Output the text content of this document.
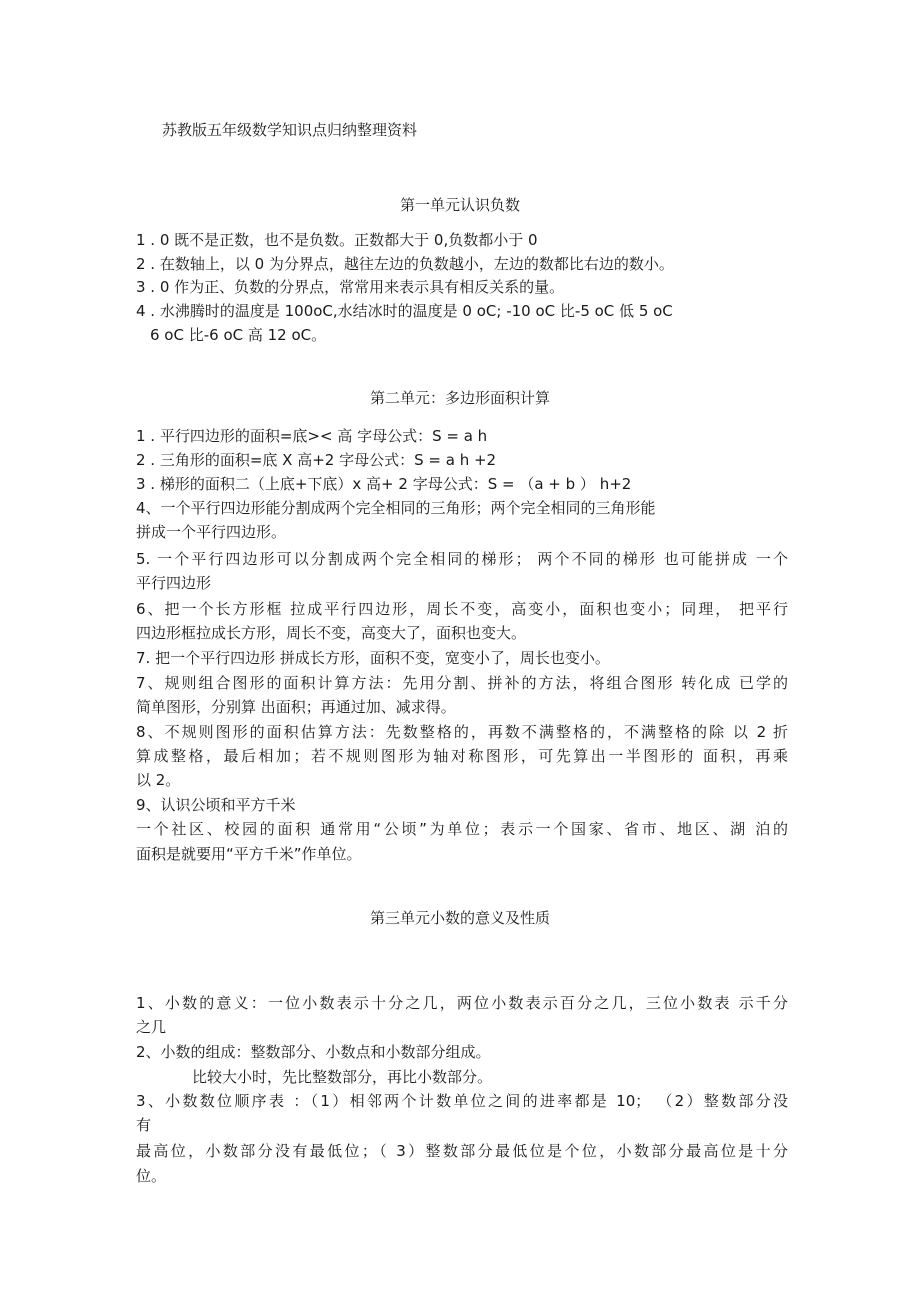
苏教版五年级数学知识点归纳整理资料
第一单元认识负数
1 . 0 既不是正数，也不是负数。正数都大于 0,负数都小于 0
2 . 在数轴上，以 0 为分界点，越往左边的负数越小，左边的数都比右边的数小。
3 . 0 作为正、负数的分界点，常常用来表示具有相反关系的量。
4 . 水沸腾时的温度是 100oC,水结冰时的温度是 0 oC; -10 oC 比-5 oC 低 5 oC
6 oC 比-6 oC 高 12 oC。
第二单元：多边形面积计算
1 . 平行四边形的面积=底>< 高 字母公式：S = a h
2 . 三角形的面积=底 X 高+2 字母公式：S = a h +2
3 . 梯形的面积二（上底+下底）x 高+ 2 字母公式：S = （a + b ） h+2
4、一个平行四边形能分割成两个完全相同的三角形；两个完全相同的三角形能
拼成一个平行四边形。
5. 一个平行四边形可以分割成两个完全相同的梯形； 两个不同的梯形 也可能拼成 一个
平行四边形
6、把一个长方形框 拉成平行四边形，周长不变，高变小，面积也变小；同理， 把平行
四边形框拉成长方形，周长不变，高变大了，面积也变大。
7. 把一个平行四边形 拼成长方形，面积不变，宽变小了，周长也变小。
7、规则组合图形的面积计算方法：先用分割、拼补的方法，将组合图形 转化成 已学的
简单图形，分别算 出面积；再通过加、减求得。
8、不规则图形的面积估算方法：先数整格的，再数不满整格的，不满整格的除 以 2 折
算成整格，最后相加；若不规则图形为轴对称图形，可先算出一半图形的 面积，再乘
以 2。
9、认识公顷和平方千米
一个社区、校园的面积 通常用“公顷”为单位；表示一个国家、省市、地区、湖 泊的
面积是就要用“平方千米”作单位。
第三单元小数的意义及性质
1、小数的意义：一位小数表示十分之几，两位小数表示百分之几，三位小数表 示千分
之几
2、小数的组成：整数部分、小数点和小数部分组成。
比较大小时，先比整数部分，再比小数部分。
3、小数数位顺序表 ：（1）相邻两个计数单位之间的进率都是 10； （2）整数部分没
有
最高位，小数部分没有最低位；（ 3）整数部分最低位是个位，小数部分最高位是十分
位。
